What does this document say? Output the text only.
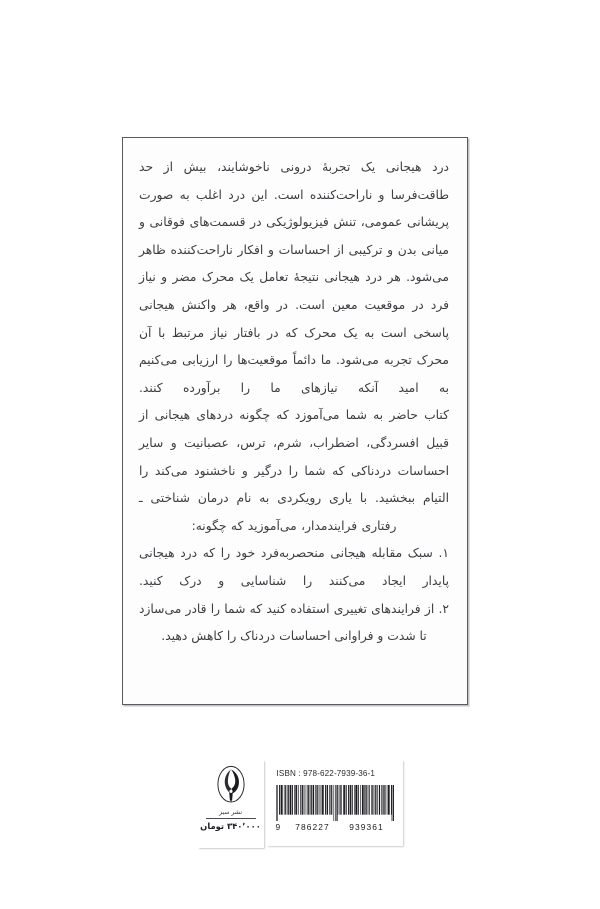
درد هیجانی یک تجربهٔ درونی ناخوشایند، بیش از حد طاقت‌فرسا و ناراحت‌کننده است. این درد اغلب به صورت پریشانی عمومی، تنش فیزیولوژیکی در قسمت‌های فوقانی و میانی بدن و ترکیبی از احساسات و افکار ناراحت‌کننده ظاهر می‌شود. هر درد هیجانی نتیجهٔ تعامل یک محرک مضر و نیاز فرد در موقعیت معین است. در واقع، هر واکنش هیجانی پاسخی است به یک محرک که در بافتار نیاز مرتبط با آن محرک تجربه می‌شود. ما دائماً موقعیت‌ها را ارزیابی می‌کنیم به امید آنکه نیازهای ما را برآورده کنند.

کتاب حاضر به شما می‌آموزد که چگونه دردهای هیجانی از قبیل افسردگی، اضطراب، شرم، ترس، عصبانیت و سایر احساسات دردناکی که شما را درگیر و ناخشنود می‌کند را التیام ببخشید. با یاری رویکردی به نام درمان شناختی ـ رفتاری فرایندمدار، می‌آموزید که چگونه:

۱. سبک مقابله هیجانی منحصربه‌فرد خود را که درد هیجانی پایدار ایجاد می‌کنند را شناسایی و درک کنید.

۲. از فرایندهای تغییری استفاده کنید که شما را قادر می‌سازد تا شدت و فراوانی احساسات دردناک را کاهش دهید.

نشر سبز
۳۴۰٬۰۰۰ تومان
ISBN : 978-622-7939-36-1
9	786227	939361
